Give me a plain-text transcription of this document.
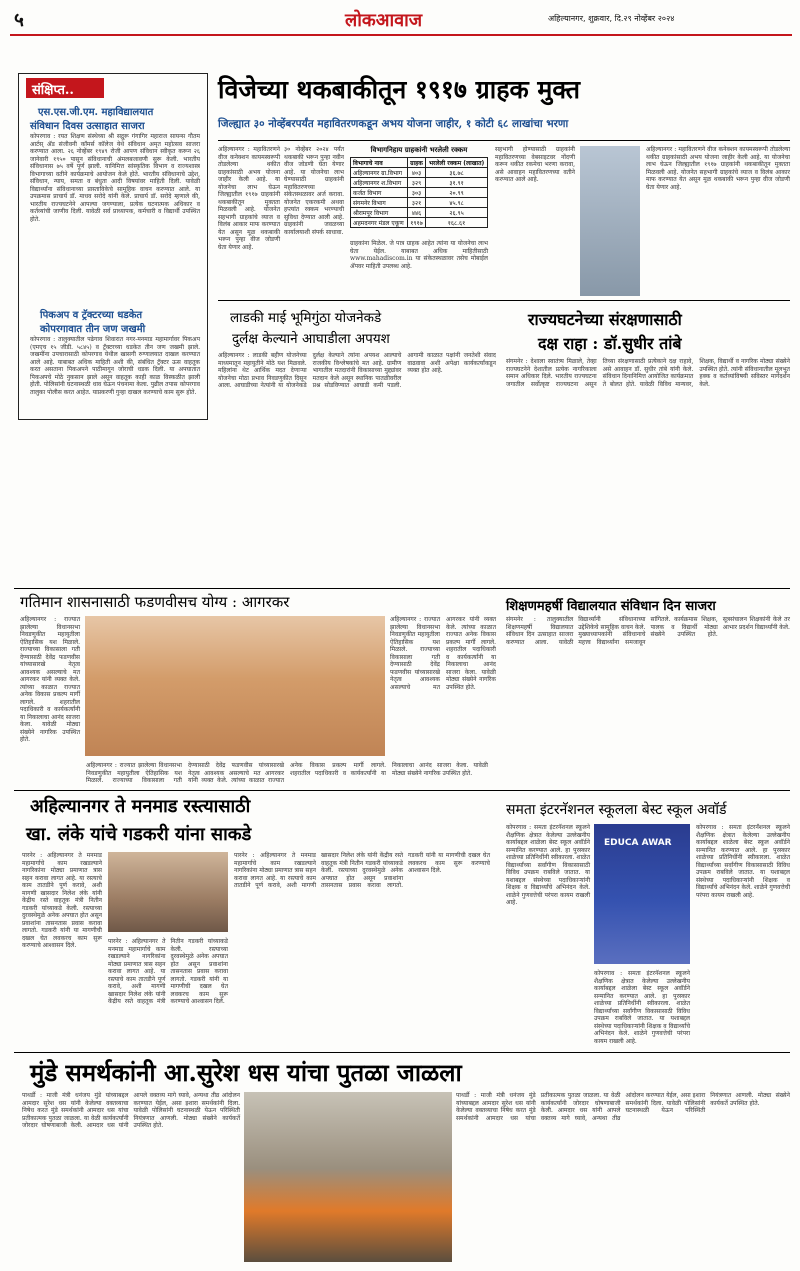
५	लोकआवाज	अहिल्यानगर, शुक्रवार, दि.२९ नोव्हेंबर २०२४
संक्षिप्त..
एस.एस.जी.एम. महाविद्यालयात
संविधान दिवस उत्साहात साजरा
कोपरगाव : रयत शिक्षण संस्थेच्या श्री सद्गुरू गंगागिर महाराज सायन्स गौतम आर्टस् ॲड संजीवनी कॉमर्स कॉलेज येथे संविधान अमृत महोत्सव साजरा करण्यात आला. २६ नोव्हेंबर १९४९ रोजी आपण संविधान स्वीकृत करून २६ जानेवारी १९५० पासून संविधानाची अंमलबजावणी सुरू केली. भारतीय संविधानास ७५ वर्षे पूर्ण झाली. यानिमित्त सांस्कृतिक विभाग व राज्यशास्त्र विभागाच्या वतीने कार्यक्रमाचे आयोजन केले होते. भारतीय संविधानाचे उद्देश, संविधान, न्याय, समता व बंधुता आदी विषयांवर माहिती दिली. यावेळी विद्यार्थ्यांना संविधानाच्या प्रास्ताविकेचे सामूहिक वाचन करण्यात आले. या उपक्रमास प्राचार्य डॉ. माधव सरोदे यांनी केले. प्राचार्य डॉ. सरोदे म्हणाले की, भारतीय राज्यघटनेने आपल्या जगण्याला, प्रत्येक घटनात्मक अधिकार व कर्तव्यांची जाणीव दिली. यावेळी सर्व प्राध्यापक, कर्मचारी व विद्यार्थी उपस्थित होते.
पिकअप व ट्रॅक्टरच्या धडकेत
कोपरगावात तीन जण जखमी
कोपरगाव : तालुक्यातील पढेगाव शिवारात नगर-मनमाड महामार्गावर पिकअप (एमएच १५ जीडी. ५८४५) व ट्रॅक्टरच्या धडकेत तीन जण जखमी झाले. जखमींना उपचारासाठी कोपरगाव येथील खासगी रुग्णालयात दाखल करण्यात आले आहे. याबाबत अधिक माहिती अशी की, संबंधित ट्रॅक्टर ऊस वाहतूक करत असताना पिकअपने पाठीमागून जोराची धडक दिली. या अपघातात पिकअपचे मोठे नुकसान झाले असून वाहतूक काही काळ विस्कळीत झाली होती. पोलिसांनी घटनास्थळी धाव घेऊन पंचनामा केला. पुढील तपास कोपरगाव तालुका पोलीस करत आहेत. याप्रकरणी गुन्हा दाखल करण्याचे काम सुरू होते.
विजेच्या थकबाकीतून १९१७ ग्राहक मुक्त
जिल्ह्यात ३० नोव्हेंबरपर्यंत महावितरणकडून अभय योजना जाहीर, १ कोटी ६८ लाखांचा भरणा
अहिल्यानगर : महावितरणने वीज कनेक्शन कायमस्वरूपी तोडलेल्या थकीत ग्राहकांसाठी अभय योजना जाहीर केली आहे. या योजनेचा लाभ घेऊन जिल्ह्यातील १९१७ ग्राहकांनी थकबाकीतून मुक्तता मिळवली आहे. योजनेत सहभागी ग्राहकांचे व्याज व विलंब आकार माफ करण्यात येत असून मूळ थकबाकी भरून पुन्हा वीज जोडणी घेता येणार आहे.
३० नोव्हेंबर २०२४ पर्यंत थकबाकी भरून पुन्हा नवीन वीज जोडणी घेता येणार आहे. या योजनेचा लाभ घेण्यासाठी ग्राहकांनी महावितरणच्या संकेतस्थळावर अर्ज करावा. योजनेत एकरकमी अथवा हप्त्यांत रक्कम भरण्याची सुविधा देण्यात आली आहे. ग्राहकांनी जवळच्या कार्यालयाशी संपर्क साधावा.
विभागनिहाय ग्राहकांनी भरलेली रक्कम
विभागाचे नाव	ग्राहक	भरलेली रक्कम (लाखात)
अहिल्यानगर ग्रा.विभाग	४०३	३६.७८
अहिल्यानगर श.विभाग	३२९	३१.९१
कर्जत विभाग	३०३	२०.९९
संगमनेर विभाग	३२१	४५.९८
श्रीरामपूर विभाग	४४६	२६.९५
अहमदनगर मंडल एकूण	१९१७	१६८.६१
ग्राहकांना मिळेल. जे पात्र ग्राहक आहेत त्यांना या योजनेचा लाभ घेता येईल. याबाबत अधिक माहितीसाठी www.mahadiscom.in या संकेतस्थळावर तसेच मोबाईल ॲपवर माहिती उपलब्ध आहे.
सहभागी होण्यासाठी ग्राहकांनी महावितरणच्या वेबसाइटवर नोंदणी करून थकीत रकमेचा भरणा करावा, असे आवाहन महावितरणच्या वतीने करण्यात आले आहे.
अहिल्यानगर : महावितरणने वीज कनेक्शन कायमस्वरूपी तोडलेल्या थकीत ग्राहकांसाठी अभय योजना जाहीर केली आहे. या योजनेचा लाभ घेऊन जिल्ह्यातील १९१७ ग्राहकांनी थकबाकीतून मुक्तता मिळवली आहे. योजनेत सहभागी ग्राहकांचे व्याज व विलंब आकार माफ करण्यात येत असून मूळ थकबाकी भरून पुन्हा वीज जोडणी घेता येणार आहे.
लाडकी माई भूमिगुंठा योजनेकडे
दुर्लक्ष केल्याने आघाडीला अपयश
अहिल्यानगर : लाडकी बहीण योजनेच्या माध्यमातून महायुतीने मोठे यश मिळवले. महिलांना थेट आर्थिक मदत देणाऱ्या योजनेचा मोठा प्रभाव निवडणुकीत दिसून आला. आघाडीच्या नेत्यांनी या योजनेकडे दुर्लक्ष केल्याने त्यांना अपयश आल्याचे राजकीय विश्लेषकांचे मत आहे. ग्रामीण भागातील मतदारांनी विकासाच्या मुद्द्यांवर मतदान केले असून स्थानिक पातळीवरील प्रश्न सोडविण्यात आघाडी कमी पडली. आगामी काळात पक्षांनी जनतेशी संवाद वाढवावा अशी अपेक्षा कार्यकर्त्यांकडून व्यक्त होत आहे.
राज्यघटनेच्या संरक्षणासाठी
दक्ष राहा : डॉ.सुधीर तांबे
संगमनेर : देशाला स्वातंत्र्य मिळाले, तेव्हा राज्यघटनेने देशातील प्रत्येक नागरिकाला समान अधिकार दिले. भारतीय राज्यघटना जगातील सर्वोत्कृष्ट राज्यघटना असून तिच्या संरक्षणासाठी प्रत्येकाने दक्ष राहावे, असे आवाहन डॉ. सुधीर तांबे यांनी केले. संविधान दिनानिमित्त आयोजित कार्यक्रमात ते बोलत होते. यावेळी विविध मान्यवर, शिक्षक, विद्यार्थी व नागरिक मोठ्या संख्येने उपस्थित होते. त्यांनी संविधानातील मूलभूत हक्क व कर्तव्यांविषयी सविस्तर मार्गदर्शन केले.
गतिमान शासनासाठी फडणवीसच योग्य : आगरकर
अहिल्यानगर : राज्यात झालेल्या विधानसभा निवडणुकीत महायुतीला ऐतिहासिक यश मिळाले. राज्याच्या विकासाला गती देण्यासाठी देवेंद्र फडणवीस यांच्यासारखे नेतृत्व आवश्यक असल्याचे मत आगरकर यांनी व्यक्त केले. त्यांच्या काळात राज्यात अनेक विकास प्रकल्प मार्गी लागले. शहरातील पदाधिकारी व कार्यकर्त्यांनी या निकालाचा आनंद साजरा केला. यावेळी मोठ्या संख्येने नागरिक उपस्थित होते.
अहिल्यानगर : राज्यात झालेल्या विधानसभा निवडणुकीत महायुतीला ऐतिहासिक यश मिळाले. राज्याच्या विकासाला गती देण्यासाठी देवेंद्र फडणवीस यांच्यासारखे नेतृत्व आवश्यक असल्याचे मत आगरकर यांनी व्यक्त केले. त्यांच्या काळात राज्यात अनेक विकास प्रकल्प मार्गी लागले. शहरातील पदाधिकारी व कार्यकर्त्यांनी या निकालाचा आनंद साजरा केला. यावेळी मोठ्या संख्येने नागरिक उपस्थित होते.
अहिल्यानगर : राज्यात झालेल्या विधानसभा निवडणुकीत महायुतीला ऐतिहासिक यश मिळाले. राज्याच्या विकासाला गती देण्यासाठी देवेंद्र फडणवीस यांच्यासारखे नेतृत्व आवश्यक असल्याचे मत आगरकर यांनी व्यक्त केले. त्यांच्या काळात राज्यात अनेक विकास प्रकल्प मार्गी लागले. शहरातील पदाधिकारी व कार्यकर्त्यांनी या निकालाचा आनंद साजरा केला. यावेळी मोठ्या संख्येने नागरिक उपस्थित होते.
शिक्षणमहर्षी विद्यालयात संविधान दिन साजरा
संगमनेर : तालुक्यातील शिक्षणमहर्षी विद्यालयात संविधान दिन उत्साहात साजरा करण्यात आला. यावेळी विद्यार्थ्यांनी संविधानाच्या उद्देशिकेचे सामूहिक वाचन केले. मुख्याध्यापकांनी संविधानाचे महत्त्व विद्यार्थ्यांना समजावून सांगितले. कार्यक्रमास शिक्षक, पालक व विद्यार्थी मोठ्या संख्येने उपस्थित होते. सूत्रसंचालन शिक्षकांनी केले तर आभार प्रदर्शन विद्यार्थ्यांनी केले.
अहिल्यानगर ते मनमाड रस्त्यासाठी
खा. लंके यांचे गडकरी यांना साकडे
पारनेर : अहिल्यानगर ते मनमाड महामार्गाचे काम रखडल्याने नागरिकांना मोठ्या प्रमाणात त्रास सहन करावा लागत आहे. या रस्त्याचे काम तातडीने पूर्ण करावे, अशी मागणी खासदार निलेश लंके यांनी केंद्रीय रस्ते वाहतूक मंत्री नितीन गडकरी यांच्याकडे केली. रस्त्याच्या दुरवस्थेमुळे अनेक अपघात होत असून प्रवाशांना तासनतास प्रवास करावा लागतो. गडकरी यांनी या मागणीची दखल घेत लवकरच काम सुरू करण्याचे आश्वासन दिले.
पारनेर : अहिल्यानगर ते मनमाड महामार्गाचे काम रखडल्याने नागरिकांना मोठ्या प्रमाणात त्रास सहन करावा लागत आहे. या रस्त्याचे काम तातडीने पूर्ण करावे, अशी मागणी खासदार निलेश लंके यांनी केंद्रीय रस्ते वाहतूक मंत्री नितीन गडकरी यांच्याकडे केली. रस्त्याच्या दुरवस्थेमुळे अनेक अपघात होत असून प्रवाशांना तासनतास प्रवास करावा लागतो. गडकरी यांनी या मागणीची दखल घेत लवकरच काम सुरू करण्याचे आश्वासन दिले.
पारनेर : अहिल्यानगर ते मनमाड महामार्गाचे काम रखडल्याने नागरिकांना मोठ्या प्रमाणात त्रास सहन करावा लागत आहे. या रस्त्याचे काम तातडीने पूर्ण करावे, अशी मागणी खासदार निलेश लंके यांनी केंद्रीय रस्ते वाहतूक मंत्री नितीन गडकरी यांच्याकडे केली. रस्त्याच्या दुरवस्थेमुळे अनेक अपघात होत असून प्रवाशांना तासनतास प्रवास करावा लागतो. गडकरी यांनी या मागणीची दखल घेत लवकरच काम सुरू करण्याचे आश्वासन दिले.
समता इंटरनॅशनल स्कूलला बेस्ट स्कूल अवॉर्ड
कोपरगाव : समता इंटरनॅशनल स्कूलने शैक्षणिक क्षेत्रात केलेल्या उल्लेखनीय कार्याबद्दल शाळेला बेस्ट स्कूल अवॉर्डने सन्मानित करण्यात आले. हा पुरस्कार शाळेच्या प्रतिनिधींनी स्वीकारला. शाळेत विद्यार्थ्यांच्या सर्वांगीण विकासासाठी विविध उपक्रम राबविले जातात. या यशाबद्दल संस्थेच्या पदाधिकाऱ्यांनी शिक्षक व विद्यार्थ्यांचे अभिनंदन केले. शाळेने गुणवत्तेची परंपरा कायम राखली आहे.
EDUCA AWAR
कोपरगाव : समता इंटरनॅशनल स्कूलने शैक्षणिक क्षेत्रात केलेल्या उल्लेखनीय कार्याबद्दल शाळेला बेस्ट स्कूल अवॉर्डने सन्मानित करण्यात आले. हा पुरस्कार शाळेच्या प्रतिनिधींनी स्वीकारला. शाळेत विद्यार्थ्यांच्या सर्वांगीण विकासासाठी विविध उपक्रम राबविले जातात. या यशाबद्दल संस्थेच्या पदाधिकाऱ्यांनी शिक्षक व विद्यार्थ्यांचे अभिनंदन केले. शाळेने गुणवत्तेची परंपरा कायम राखली आहे.
कोपरगाव : समता इंटरनॅशनल स्कूलने शैक्षणिक क्षेत्रात केलेल्या उल्लेखनीय कार्याबद्दल शाळेला बेस्ट स्कूल अवॉर्डने सन्मानित करण्यात आले. हा पुरस्कार शाळेच्या प्रतिनिधींनी स्वीकारला. शाळेत विद्यार्थ्यांच्या सर्वांगीण विकासासाठी विविध उपक्रम राबविले जातात. या यशाबद्दल संस्थेच्या पदाधिकाऱ्यांनी शिक्षक व विद्यार्थ्यांचे अभिनंदन केले. शाळेने गुणवत्तेची परंपरा कायम राखली आहे.
मुंडे समर्थकांनी आ.सुरेश धस यांचा पुतळा जाळला
पाथर्डी : माजी मंत्री धनंजय मुंडे यांच्याबद्दल आमदार सुरेश धस यांनी केलेल्या वक्तव्याचा निषेध करत मुंडे समर्थकांनी आमदार धस यांचा प्रतीकात्मक पुतळा जाळला. या वेळी कार्यकर्त्यांनी जोरदार घोषणाबाजी केली. आमदार धस यांनी आपले वक्तव्य मागे घ्यावे, अन्यथा तीव्र आंदोलन करण्यात येईल, असा इशारा समर्थकांनी दिला. यावेळी पोलिसांनी घटनास्थळी येऊन परिस्थिती नियंत्रणात आणली. मोठ्या संख्येने कार्यकर्ते उपस्थित होते.
पाथर्डी : माजी मंत्री धनंजय मुंडे यांच्याबद्दल आमदार सुरेश धस यांनी केलेल्या वक्तव्याचा निषेध करत मुंडे समर्थकांनी आमदार धस यांचा प्रतीकात्मक पुतळा जाळला. या वेळी कार्यकर्त्यांनी जोरदार घोषणाबाजी केली. आमदार धस यांनी आपले वक्तव्य मागे घ्यावे, अन्यथा तीव्र आंदोलन करण्यात येईल, असा इशारा समर्थकांनी दिला. यावेळी पोलिसांनी घटनास्थळी येऊन परिस्थिती नियंत्रणात आणली. मोठ्या संख्येने कार्यकर्ते उपस्थित होते.
